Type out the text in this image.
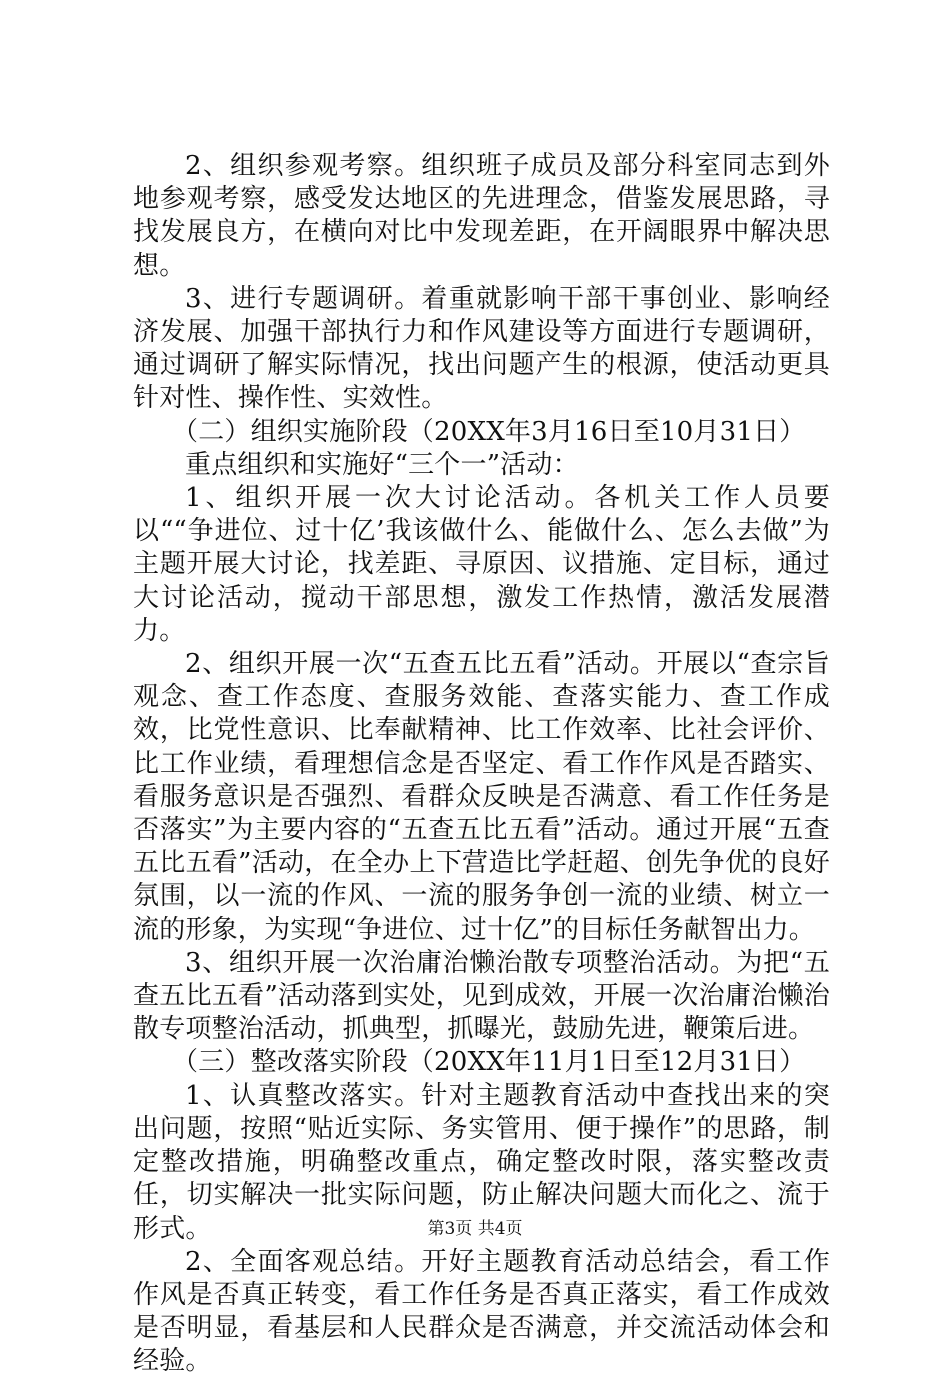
2、组织参观考察。组织班子成员及部分科室同志到外地参观考察，感受发达地区的先进理念，借鉴发展思路，寻找发展良方，在横向对比中发现差距，在开阔眼界中解决思想。

3、进行专题调研。着重就影响干部干事创业、影响经济发展、加强干部执行力和作风建设等方面进行专题调研，通过调研了解实际情况，找出问题产生的根源，使活动更具针对性、操作性、实效性。

（二）组织实施阶段（20XX年3月16日至10月31日）

重点组织和实施好“三个一”活动：

1、组织开展一次大讨论活动。各机关工作人员要以““争进位、过十亿’我该做什么、能做什么、怎么去做”为主题开展大讨论，找差距、寻原因、议措施、定目标，通过大讨论活动，搅动干部思想，激发工作热情，激活发展潜力。

2、组织开展一次“五查五比五看”活动。开展以“查宗旨观念、查工作态度、查服务效能、查落实能力、查工作成效，比党性意识、比奉献精神、比工作效率、比社会评价、比工作业绩，看理想信念是否坚定、看工作作风是否踏实、看服务意识是否强烈、看群众反映是否满意、看工作任务是否落实”为主要内容的“五查五比五看”活动。通过开展“五查五比五看”活动，在全办上下营造比学赶超、创先争优的良好氛围，以一流的作风、一流的服务争创一流的业绩、树立一流的形象，为实现“争进位、过十亿”的目标任务献智出力。

3、组织开展一次治庸治懒治散专项整治活动。为把“五查五比五看”活动落到实处，见到成效，开展一次治庸治懒治散专项整治活动，抓典型，抓曝光，鼓励先进，鞭策后进。

（三）整改落实阶段（20XX年11月1日至12月31日）

1、认真整改落实。针对主题教育活动中查找出来的突出问题，按照“贴近实际、务实管用、便于操作”的思路，制定整改措施，明确整改重点，确定整改时限，落实整改责任，切实解决一批实际问题，防止解决问题大而化之、流于形式。

2、全面客观总结。开好主题教育活动总结会，看工作作风是否真正转变，看工作任务是否真正落实，看工作成效是否明显，看基层和人民群众是否满意，并交流活动体会和经验。

第3页 共4页
